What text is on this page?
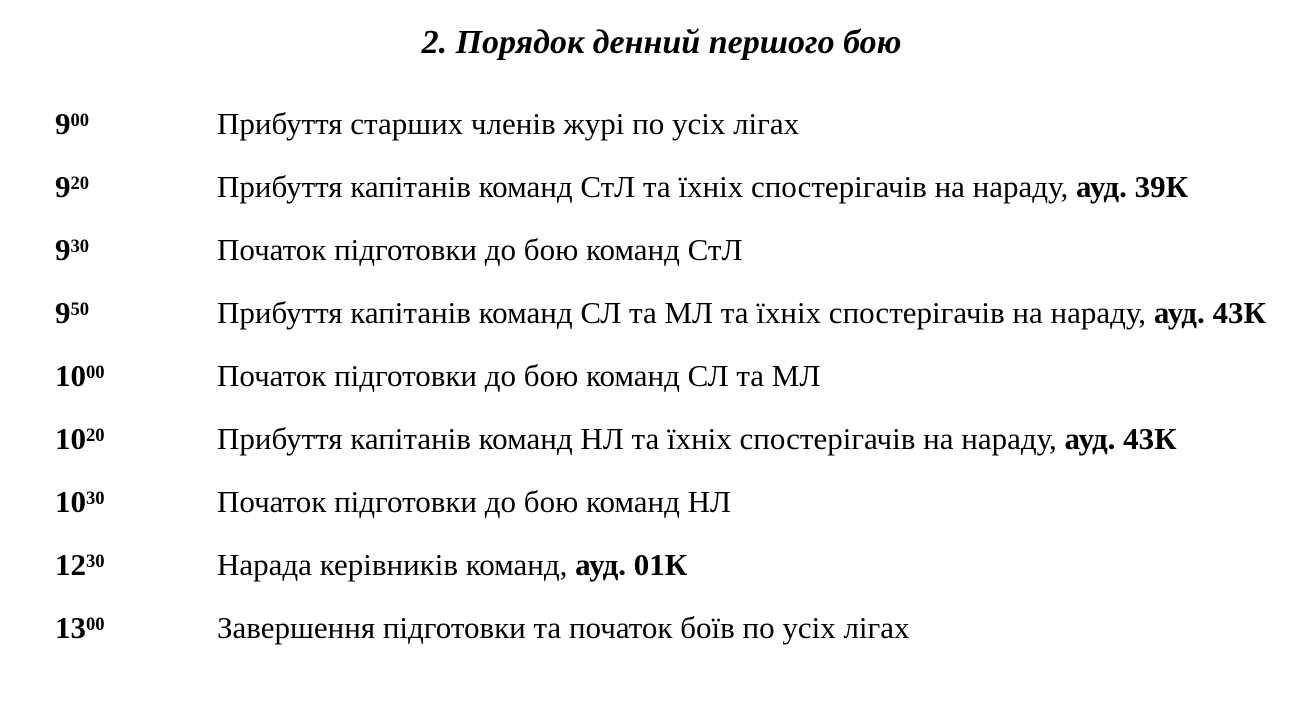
2. Порядок денний першого бою
$9^{00}$	Прибуття старших членів журі по усіх лігах
$9^{20}$	Прибуття капітанів команд СтЛ та їхніх спостерігачів на нараду, ауд. 39К
$9^{30}$	Початок підготовки до бою команд СтЛ
$9^{50}$	Прибуття капітанів команд СЛ та МЛ та їхніх спостерігачів на нараду, ауд. 43К
$10^{00}$	Початок підготовки до бою команд СЛ та МЛ
$10^{20}$	Прибуття капітанів команд НЛ та їхніх спостерігачів на нараду, ауд. 43К
$10^{30}$	Початок підготовки до бою команд НЛ
$12^{30}$	Нарада керівників команд, ауд. 01К
$13^{00}$	Завершення підготовки та початок боїв по усіх лігах
